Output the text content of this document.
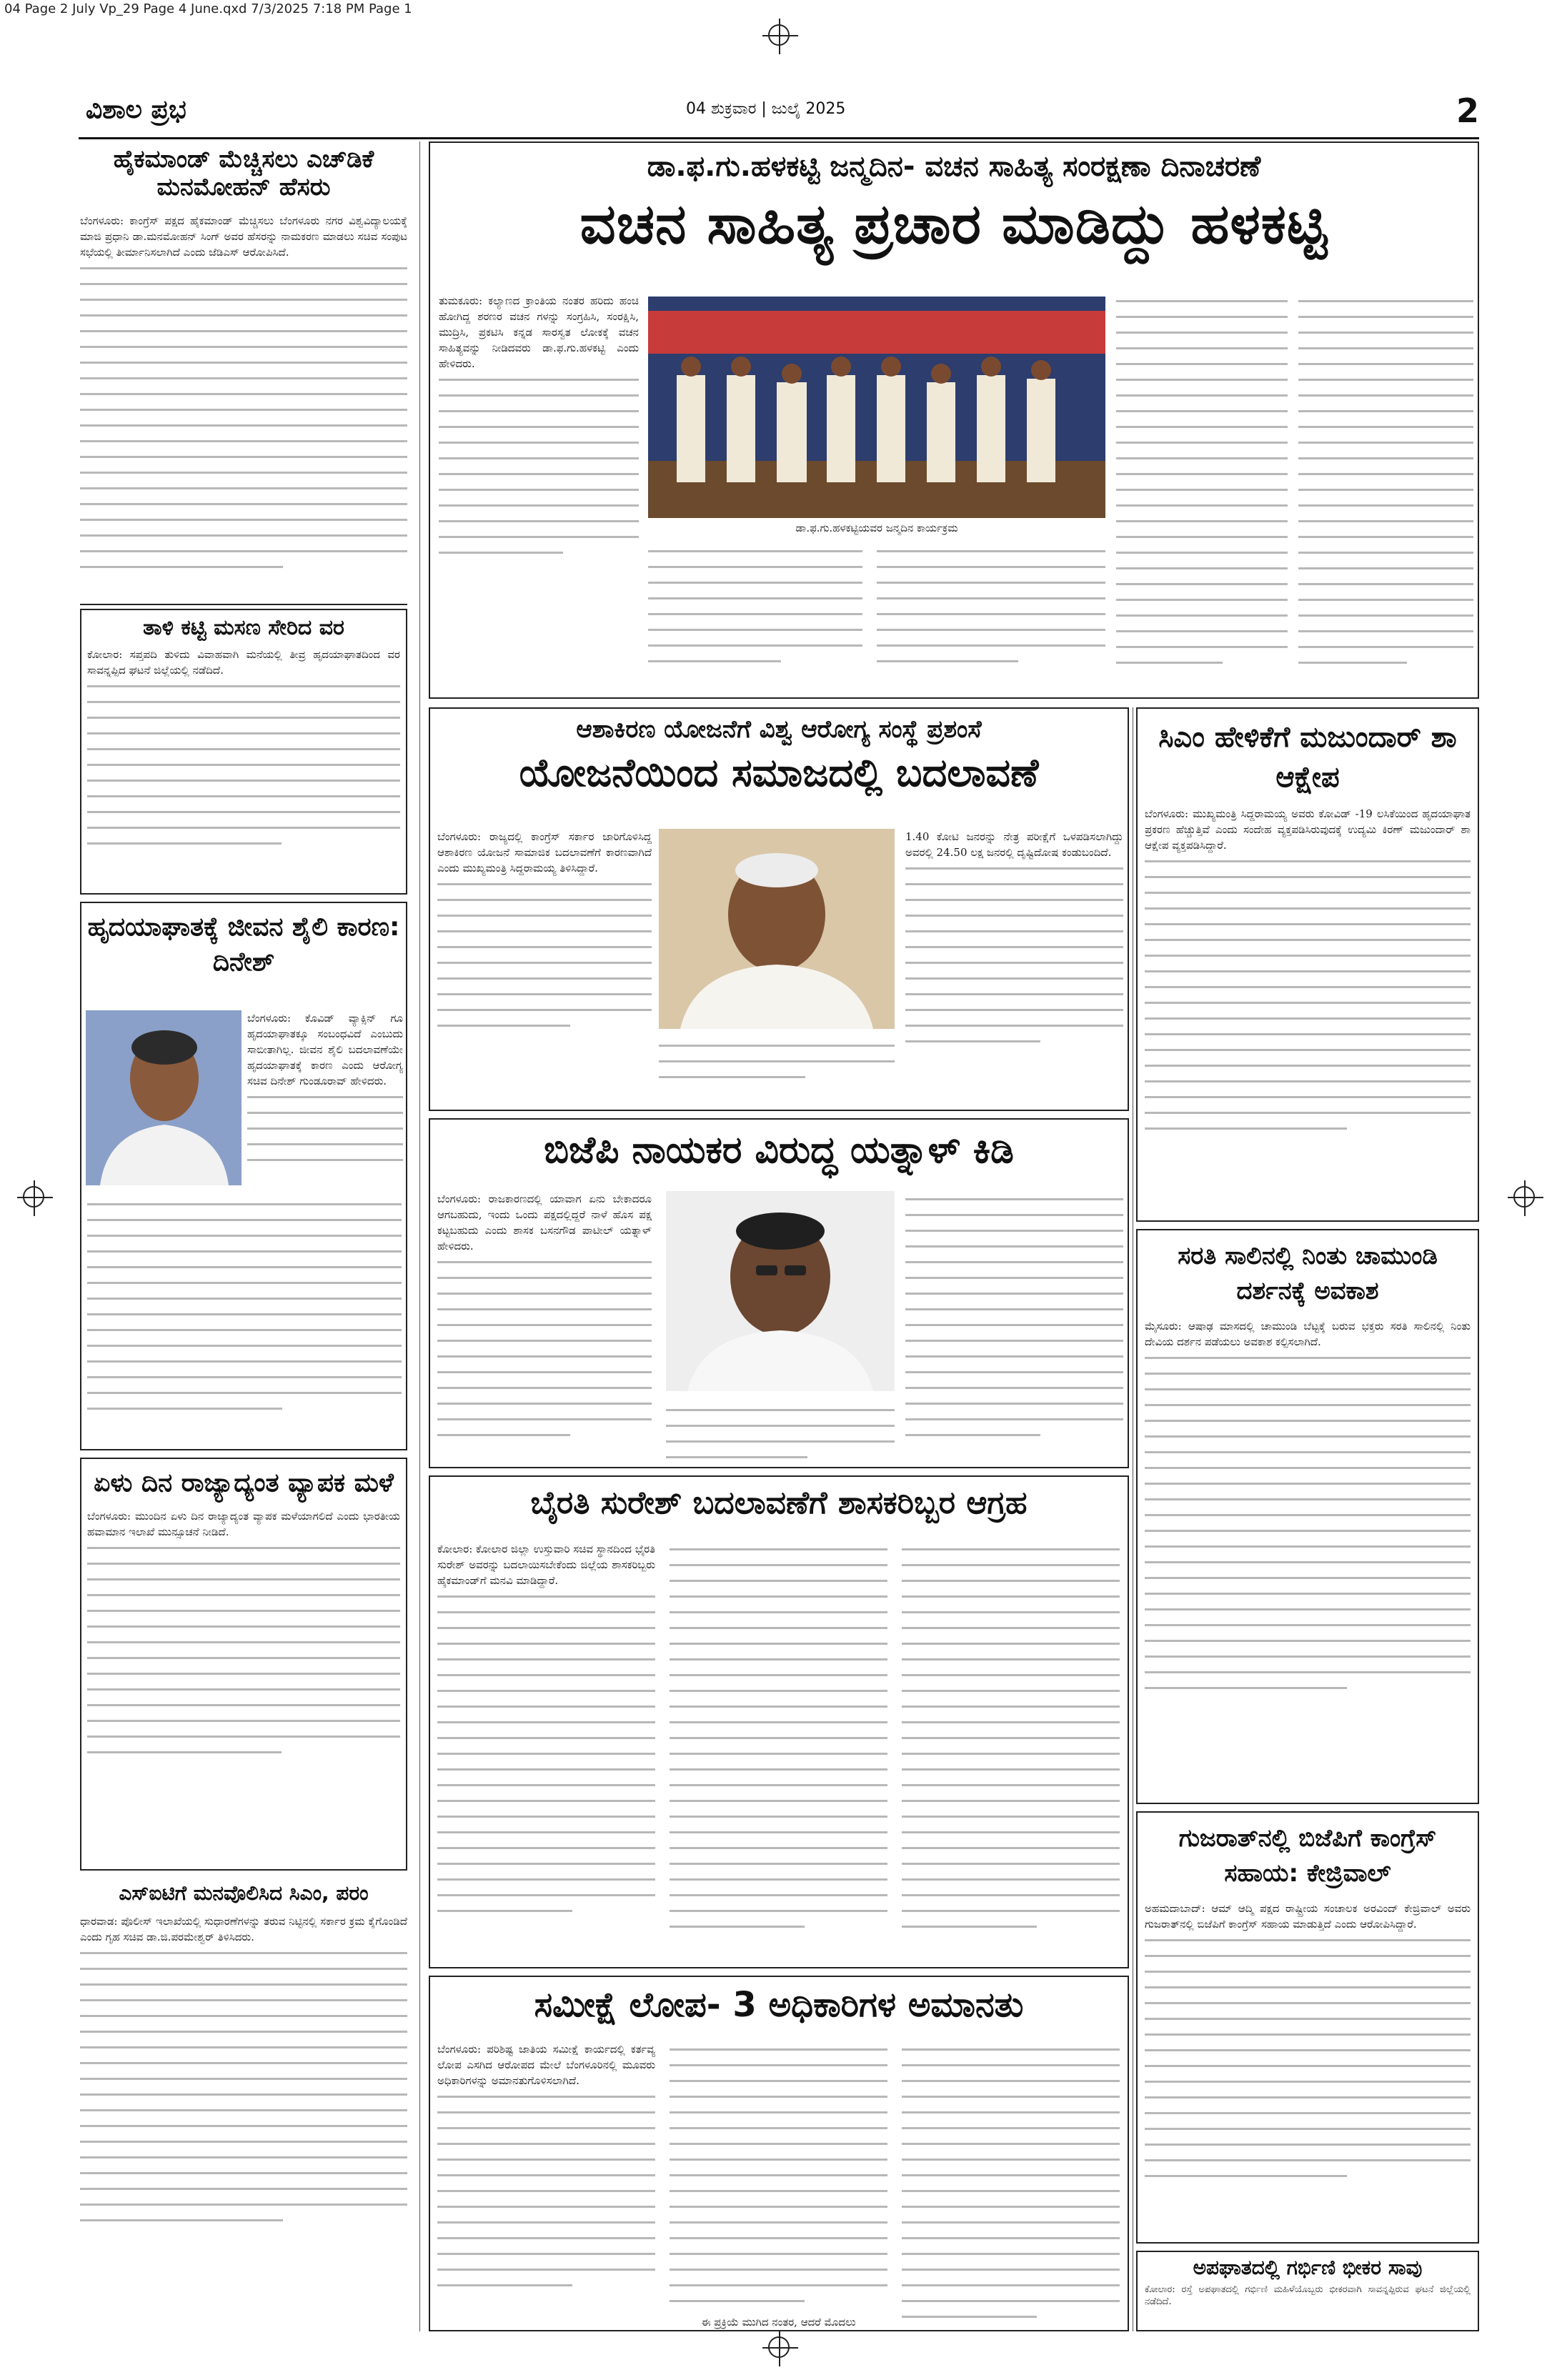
04 Page 2 July Vp_29 Page 4 June.qxd 7/3/2025 7:18 PM Page 1
ವಿಶಾಲ ಪ್ರಭ	04 ಶುಕ್ರವಾರ | ಜುಲೈ 2025	2
ಹೈಕಮಾಂಡ್ ಮೆಚ್ಚಿಸಲು ಎಚ್‌ಡಿಕೆ ಮನಮೋಹನ್ ಹೆಸರು
ಬೆಂಗಳೂರು: ಕಾಂಗ್ರೆಸ್ ಪಕ್ಷದ ಹೈಕಮಾಂಡ್ ಮೆಚ್ಚಿಸಲು ಬೆಂಗಳೂರು ನಗರ ವಿಶ್ವವಿದ್ಯಾಲಯಕ್ಕೆ ಮಾಜಿ ಪ್ರಧಾನಿ ಡಾ.ಮನಮೋಹನ್ ಸಿಂಗ್ ಅವರ ಹೆಸರನ್ನು ನಾಮಕರಣ ಮಾಡಲು ಸಚಿವ ಸಂಪುಟ ಸಭೆಯಲ್ಲಿ ತೀರ್ಮಾನಿಸಲಾಗಿದೆ ಎಂದು ಜೆಡಿಎಸ್ ಆರೋಪಿಸಿದೆ.
ತಾಳಿ ಕಟ್ಟಿ ಮಸಣ ಸೇರಿದ ವರ
ಕೋಲಾರ: ಸಪ್ತಪದಿ ತುಳಿದು ವಿವಾಹವಾಗಿ ಮನೆಯಲ್ಲಿ ತೀವ್ರ ಹೃದಯಾಘಾತದಿಂದ ವರ ಸಾವನ್ನಪ್ಪಿದ ಘಟನೆ ಜಿಲ್ಲೆಯಲ್ಲಿ ನಡೆದಿದೆ.
ಹೃದಯಾಘಾತಕ್ಕೆ ಜೀವನ ಶೈಲಿ ಕಾರಣ: ದಿನೇಶ್
ಬೆಂಗಳೂರು: ಕೊವಿಡ್ ವ್ಯಾಕ್ಸಿನ್ ಗೂ ಹೃದಯಾಘಾತಕ್ಕೂ ಸಂಬಂಧವಿದೆ ಎಂಬುದು ಸಾಬೀತಾಗಿಲ್ಲ. ಜೀವನ ಶೈಲಿ ಬದಲಾವಣೆಯೇ ಹೃದಯಾಘಾತಕ್ಕೆ ಕಾರಣ ಎಂದು ಆರೋಗ್ಯ ಸಚಿವ ದಿನೇಶ್ ಗುಂಡೂರಾವ್ ಹೇಳಿದರು.
ಏಳು ದಿನ ರಾಜ್ಯಾದ್ಯಂತ ವ್ಯಾಪಕ ಮಳೆ
ಬೆಂಗಳೂರು: ಮುಂದಿನ ಏಳು ದಿನ ರಾಜ್ಯಾದ್ಯಂತ ವ್ಯಾಪಕ ಮಳೆಯಾಗಲಿದೆ ಎಂದು ಭಾರತೀಯ ಹವಾಮಾನ ಇಲಾಖೆ ಮುನ್ಸೂಚನೆ ನೀಡಿದೆ.
ಎಸ್ಐಟಿಗೆ ಮನವೊಲಿಸಿದ ಸಿಎಂ, ಪರಂ
ಧಾರವಾಡ: ಪೊಲೀಸ್ ಇಲಾಖೆಯಲ್ಲಿ ಸುಧಾರಣೆಗಳನ್ನು ತರುವ ನಿಟ್ಟಿನಲ್ಲಿ ಸರ್ಕಾರ ಕ್ರಮ ಕೈಗೊಂಡಿದೆ ಎಂದು ಗೃಹ ಸಚಿವ ಡಾ.ಜಿ.ಪರಮೇಶ್ವರ್ ತಿಳಿಸಿದರು.
ಡಾ.ಫ.ಗು.ಹಳಕಟ್ಟಿ ಜನ್ಮದಿನ- ವಚನ ಸಾಹಿತ್ಯ ಸಂರಕ್ಷಣಾ ದಿನಾಚರಣೆ
ವಚನ ಸಾಹಿತ್ಯ ಪ್ರಚಾರ ಮಾಡಿದ್ದು ಹಳಕಟ್ಟಿ
ತುಮಕೂರು: ಕಲ್ಯಾಣದ ಕ್ರಾಂತಿಯ ನಂತರ ಹರಿದು ಹಂಚಿ ಹೋಗಿದ್ದ ಶರಣರ ವಚನ ಗಳನ್ನು ಸಂಗ್ರಹಿಸಿ, ಸಂರಕ್ಷಿಸಿ, ಮುದ್ರಿಸಿ, ಪ್ರಕಟಿಸಿ ಕನ್ನಡ ಸಾರಸ್ವತ ಲೋಕಕ್ಕೆ ವಚನ ಸಾಹಿತ್ಯವನ್ನು ನೀಡಿದವರು ಡಾ.ಫ.ಗು.ಹಳಕಟ್ಟಿ ಎಂದು ಹೇಳಿದರು.
ಡಾ.ಫ.ಗು.ಹಳಕಟ್ಟಿಯವರ ಜನ್ಮದಿನ ಕಾರ್ಯಕ್ರಮ
ಆಶಾಕಿರಣ ಯೋಜನೆಗೆ ವಿಶ್ವ ಆರೋಗ್ಯ ಸಂಸ್ಥೆ ಪ್ರಶಂಸೆ
ಯೋಜನೆಯಿಂದ ಸಮಾಜದಲ್ಲಿ ಬದಲಾವಣೆ
ಬೆಂಗಳೂರು: ರಾಜ್ಯದಲ್ಲಿ ಕಾಂಗ್ರೆಸ್ ಸರ್ಕಾರ ಜಾರಿಗೊಳಿಸಿದ್ದ ಆಶಾಕಿರಣ ಯೋಜನೆ ಸಾಮಾಜಿಕ ಬದಲಾವಣೆಗೆ ಕಾರಣವಾಗಿದೆ ಎಂದು ಮುಖ್ಯಮಂತ್ರಿ ಸಿದ್ದರಾಮಯ್ಯ ತಿಳಿಸಿದ್ದಾರೆ.
1.40 ಕೋಟಿ ಜನರನ್ನು ನೇತ್ರ ಪರೀಕ್ಷೆಗೆ ಒಳಪಡಿಸಲಾಗಿದ್ದು ಅವರಲ್ಲಿ 24.50 ಲಕ್ಷ ಜನರಲ್ಲಿ ದೃಷ್ಟಿದೋಷ ಕಂಡುಬಂದಿದೆ.
ಸಿಎಂ ಹೇಳಿಕೆಗೆ ಮಜುಂದಾರ್ ಶಾ ಆಕ್ಷೇಪ
ಬೆಂಗಳೂರು: ಮುಖ್ಯಮಂತ್ರಿ ಸಿದ್ದರಾಮಯ್ಯ ಅವರು ಕೋವಿಡ್ -19 ಲಸಿಕೆಯಿಂದ ಹೃದಯಾಘಾತ ಪ್ರಕರಣ ಹೆಚ್ಚುತ್ತಿವೆ ಎಂದು ಸಂದೇಹ ವ್ಯಕ್ತಪಡಿಸಿರುವುದಕ್ಕೆ ಉದ್ಯಮಿ ಕಿರಣ್ ಮಜುಂದಾರ್ ಶಾ ಆಕ್ಷೇಪ ವ್ಯಕ್ತಪಡಿಸಿದ್ದಾರೆ.
ಬಿಜೆಪಿ ನಾಯಕರ ವಿರುದ್ಧ ಯತ್ನಾಳ್ ಕಿಡಿ
ಬೆಂಗಳೂರು: ರಾಜಕಾರಣದಲ್ಲಿ ಯಾವಾಗ ಏನು ಬೇಕಾದರೂ ಆಗಬಹುದು, ಇಂದು ಒಂದು ಪಕ್ಷದಲ್ಲಿದ್ದರೆ ನಾಳೆ ಹೊಸ ಪಕ್ಷ ಕಟ್ಟಬಹುದು ಎಂದು ಶಾಸಕ ಬಸನಗೌಡ ಪಾಟೀಲ್ ಯತ್ನಾಳ್ ಹೇಳಿದರು.	ಸರತಿ ಸಾಲಿನಲ್ಲಿ ನಿಂತು ಚಾಮುಂಡಿ ದರ್ಶನಕ್ಕೆ ಅವಕಾಶ
ಮೈಸೂರು: ಆಷಾಢ ಮಾಸದಲ್ಲಿ ಚಾಮುಂಡಿ ಬೆಟ್ಟಕ್ಕೆ ಬರುವ ಭಕ್ತರು ಸರತಿ ಸಾಲಿನಲ್ಲಿ ನಿಂತು ದೇವಿಯ ದರ್ಶನ ಪಡೆಯಲು ಅವಕಾಶ ಕಲ್ಪಿಸಲಾಗಿದೆ.
ಬೈರತಿ ಸುರೇಶ್ ಬದಲಾವಣೆಗೆ ಶಾಸಕರಿಬ್ಬರ ಆಗ್ರಹ
ಕೋಲಾರ: ಕೋಲಾರ ಜಿಲ್ಲಾ ಉಸ್ತುವಾರಿ ಸಚಿವ ಸ್ಥಾನದಿಂದ ಭೈರತಿ ಸುರೇಶ್ ಅವರನ್ನು ಬದಲಾಯಿಸಬೇಕೆಂದು ಜಿಲ್ಲೆಯ ಶಾಸಕರಿಬ್ಬರು ಹೈಕಮಾಂಡ್‌ಗೆ ಮನವಿ ಮಾಡಿದ್ದಾರೆ.
ಗುಜರಾತ್‌ನಲ್ಲಿ ಬಿಜೆಪಿಗೆ ಕಾಂಗ್ರೆಸ್ ಸಹಾಯ: ಕೇಜ್ರಿವಾಲ್
ಅಹಮದಾಬಾದ್: ಆಮ್ ಆದ್ಮಿ ಪಕ್ಷದ ರಾಷ್ಟ್ರೀಯ ಸಂಚಾಲಕ ಅರವಿಂದ್ ಕೇಜ್ರಿವಾಲ್ ಅವರು ಗುಜರಾತ್‌ನಲ್ಲಿ ಬಿಜೆಪಿಗೆ ಕಾಂಗ್ರೆಸ್ ಸಹಾಯ ಮಾಡುತ್ತಿದೆ ಎಂದು ಆರೋಪಿಸಿದ್ದಾರೆ.
ಸಮೀಕ್ಷೆ ಲೋಪ- 3 ಅಧಿಕಾರಿಗಳ ಅಮಾನತು
ಬೆಂಗಳೂರು: ಪರಿಶಿಷ್ಟ ಜಾತಿಯ ಸಮೀಕ್ಷೆ ಕಾರ್ಯದಲ್ಲಿ ಕರ್ತವ್ಯ ಲೋಪ ಎಸಗಿದ ಆರೋಪದ ಮೇಲೆ ಬೆಂಗಳೂರಿನಲ್ಲಿ ಮೂವರು ಅಧಿಕಾರಿಗಳನ್ನು ಅಮಾನತುಗೊಳಿಸಲಾಗಿದೆ.
ಈ ಪ್ರಕ್ರಿಯೆ ಮುಗಿದ ನಂತರ, ಆದರೆ ಮೊದಲು
ಅಪಘಾತದಲ್ಲಿ ಗರ್ಭಿಣಿ ಭೀಕರ ಸಾವು
ಕೋಲಾರ: ರಸ್ತೆ ಅಪಘಾತದಲ್ಲಿ ಗರ್ಭಿಣಿ ಮಹಿಳೆಯೊಬ್ಬರು ಭೀಕರವಾಗಿ ಸಾವನ್ನಪ್ಪಿರುವ ಘಟನೆ ಜಿಲ್ಲೆಯಲ್ಲಿ ನಡೆದಿದೆ.
